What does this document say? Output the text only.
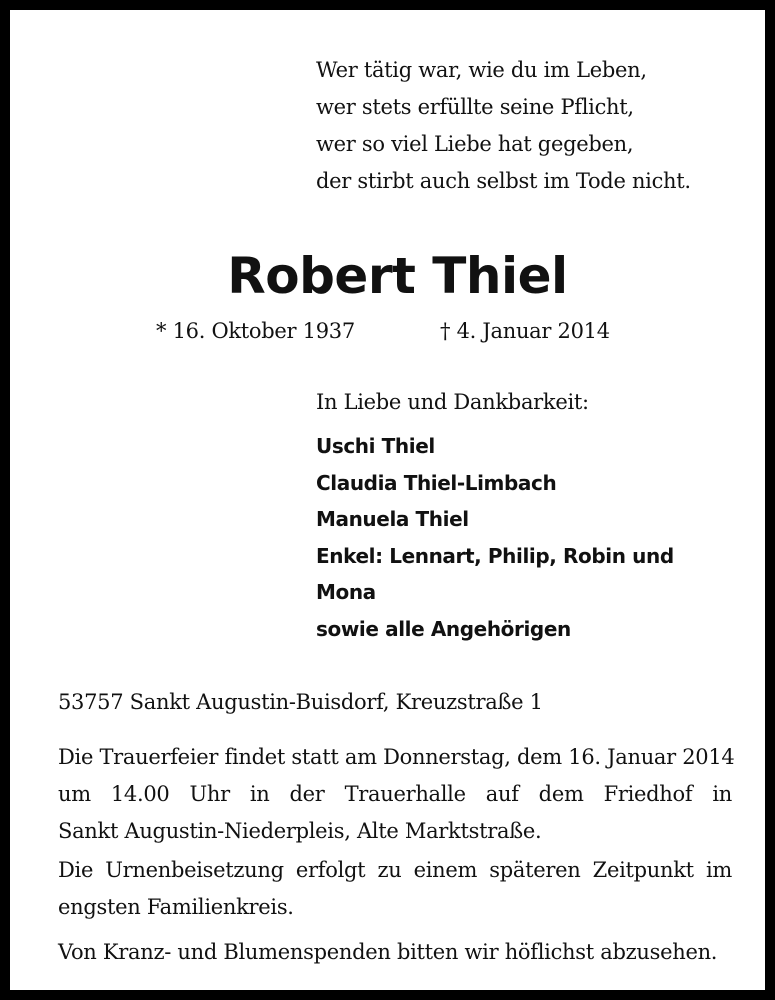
Wer tätig war, wie du im Leben,
wer stets erfüllte seine Pflicht,
wer so viel Liebe hat gegeben,
der stirbt auch selbst im Tode nicht.
Robert Thiel
* 16. Oktober 1937	† 4. Januar 2014
In Liebe und Dankbarkeit:
Uschi Thiel
Claudia Thiel-Limbach
Manuela Thiel
Enkel: Lennart, Philip, Robin und
Mona
sowie alle Angehörigen
53757 Sankt Augustin-Buisdorf, Kreuzstraße 1
Die Trauerfeier findet statt am Donnerstag, dem 16. Januar 2014
um 14.00 Uhr in der Trauerhalle auf dem Friedhof in
Sankt Augustin-Niederpleis, Alte Marktstraße.
Die Urnenbeisetzung erfolgt zu einem späteren Zeitpunkt im
engsten Familienkreis.
Von Kranz- und Blumenspenden bitten wir höflichst abzusehen.
